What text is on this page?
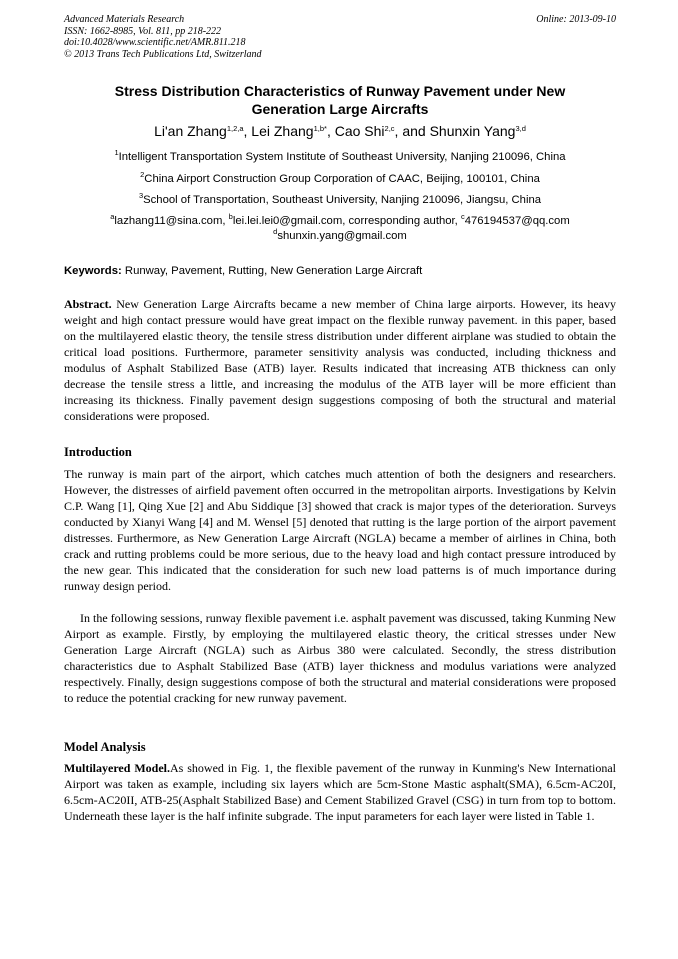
Advanced Materials Research
ISSN: 1662-8985, Vol. 811, pp 218-222
doi:10.4028/www.scientific.net/AMR.811.218
© 2013 Trans Tech Publications Ltd, Switzerland
Online: 2013-09-10
Stress Distribution Characteristics of Runway Pavement under New
Generation Large Aircrafts
Li'an Zhang$^{1,2,a}$, Lei Zhang$^{1,b*}$, Cao Shi$^{2,c}$, and Shunxin Yang$^{3,d}$
$^1$Intelligent Transportation System Institute of Southeast University, Nanjing 210096, China
$^2$China Airport Construction Group Corporation of CAAC, Beijing, 100101, China
$^3$School of Transportation, Southeast University, Nanjing 210096, Jiangsu, China
$^a$lazhang11@sina.com, $^b$lei.lei.lei0@gmail.com, corresponding author, $^c$476194537@qq.com
$^d$shunxin.yang@gmail.com
Keywords: Runway, Pavement, Rutting, New Generation Large Aircraft

Abstract. New Generation Large Aircrafts became a new member of China large airports. However, its heavy weight and high contact pressure would have great impact on the flexible runway pavement. in this paper, based on the multilayered elastic theory, the tensile stress distribution under different airplane was studied to obtain the critical load positions. Furthermore, parameter sensitivity analysis was conducted, including thickness and modulus of Asphalt Stabilized Base (ATB) layer. Results indicated that increasing ATB thickness can only decrease the tensile stress a little, and increasing the modulus of the ATB layer will be more efficient than increasing its thickness. Finally pavement design suggestions composing of both the structural and material considerations were proposed.

Introduction

The runway is main part of the airport, which catches much attention of both the designers and researchers. However, the distresses of airfield pavement often occurred in the metropolitan airports. Investigations by Kelvin C.P. Wang [1], Qing Xue [2] and Abu Siddique [3] showed that crack is major types of the deterioration. Surveys conducted by Xianyi Wang [4] and M. Wensel [5] denoted that rutting is the large portion of the airport pavement distresses. Furthermore, as New Generation Large Aircraft (NGLA) became a member of airlines in China, both crack and rutting problems could be more serious, due to the heavy load and high contact pressure introduced by the new gear. This indicated that the consideration for such new load patterns is of much importance during runway design period.

In the following sessions, runway flexible pavement i.e. asphalt pavement was discussed, taking Kunming New Airport as example. Firstly, by employing the multilayered elastic theory, the critical stresses under New Generation Large Aircraft (NGLA) such as Airbus 380 were calculated. Secondly, the stress distribution characteristics due to Asphalt Stabilized Base (ATB) layer thickness and modulus variations were analyzed respectively. Finally, design suggestions compose of both the structural and material considerations were proposed to reduce the potential cracking for new runway pavement.

Model Analysis

Multilayered Model.As showed in Fig. 1, the flexible pavement of the runway in Kunming's New International Airport was taken as example, including six layers which are 5cm-Stone Mastic asphalt(SMA), 6.5cm-AC20I, 6.5cm-AC20II, ATB-25(Asphalt Stabilized Base) and Cement Stabilized Gravel (CSG) in turn from top to bottom. Underneath these layer is the half infinite subgrade. The input parameters for each layer were listed in Table 1.
